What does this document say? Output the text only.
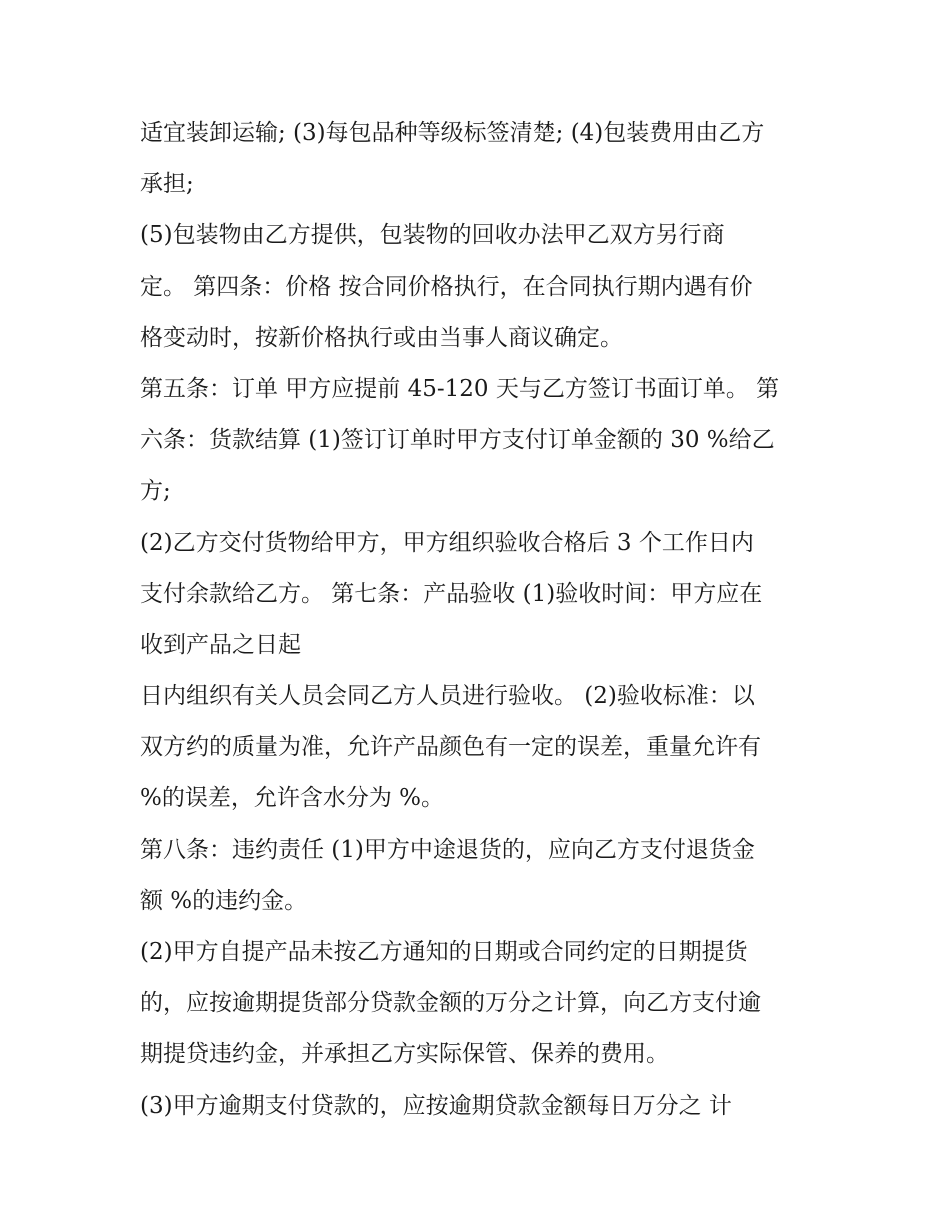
适宜装卸运输; (3)每包品种等级标签清楚; (4)包装费用由乙方
承担;
(5)包装物由乙方提供，包装物的回收办法甲乙双方另行商
定。 第四条：价格 按合同价格执行，在合同执行期内遇有价
格变动时，按新价格执行或由当事人商议确定。
第五条：订单 甲方应提前 45-120 天与乙方签订书面订单。 第
六条：货款结算 (1)签订订单时甲方支付订单金额的 30 %给乙
方;
(2)乙方交付货物给甲方，甲方组织验收合格后 3 个工作日内
支付余款给乙方。 第七条：产品验收 (1)验收时间：甲方应在
收到产品之日起
日内组织有关人员会同乙方人员进行验收。 (2)验收标准：以
双方约的质量为准，允许产品颜色有一定的误差，重量允许有
%的误差，允许含水分为 %。
第八条：违约责任 (1)甲方中途退货的，应向乙方支付退货金
额 %的违约金。
(2)甲方自提产品未按乙方通知的日期或合同约定的日期提货
的，应按逾期提货部分贷款金额的万分之计算，向乙方支付逾
期提贷违约金，并承担乙方实际保管、保养的费用。
(3)甲方逾期支付贷款的，应按逾期贷款金额每日万分之 计
